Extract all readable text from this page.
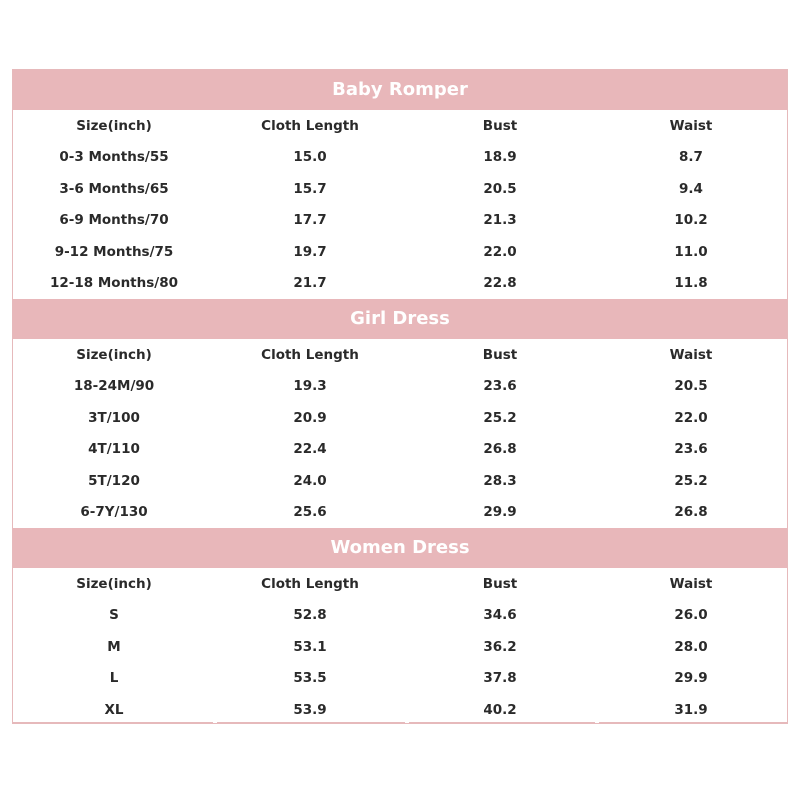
Baby Romper
Size(inch)	Cloth Length	Bust	Waist
0-3 Months/55	15.0	18.9	8.7
3-6 Months/65	15.7	20.5	9.4
6-9 Months/70	17.7	21.3	10.2
9-12 Months/75	19.7	22.0	11.0
12-18 Months/80	21.7	22.8	11.8
Girl Dress
Size(inch)	Cloth Length	Bust	Waist
18-24M/90	19.3	23.6	20.5
3T/100	20.9	25.2	22.0
4T/110	22.4	26.8	23.6
5T/120	24.0	28.3	25.2
6-7Y/130	25.6	29.9	26.8
Women Dress
Size(inch)	Cloth Length	Bust	Waist
S	52.8	34.6	26.0
M	53.1	36.2	28.0
L	53.5	37.8	29.9
XL	53.9	40.2	31.9
